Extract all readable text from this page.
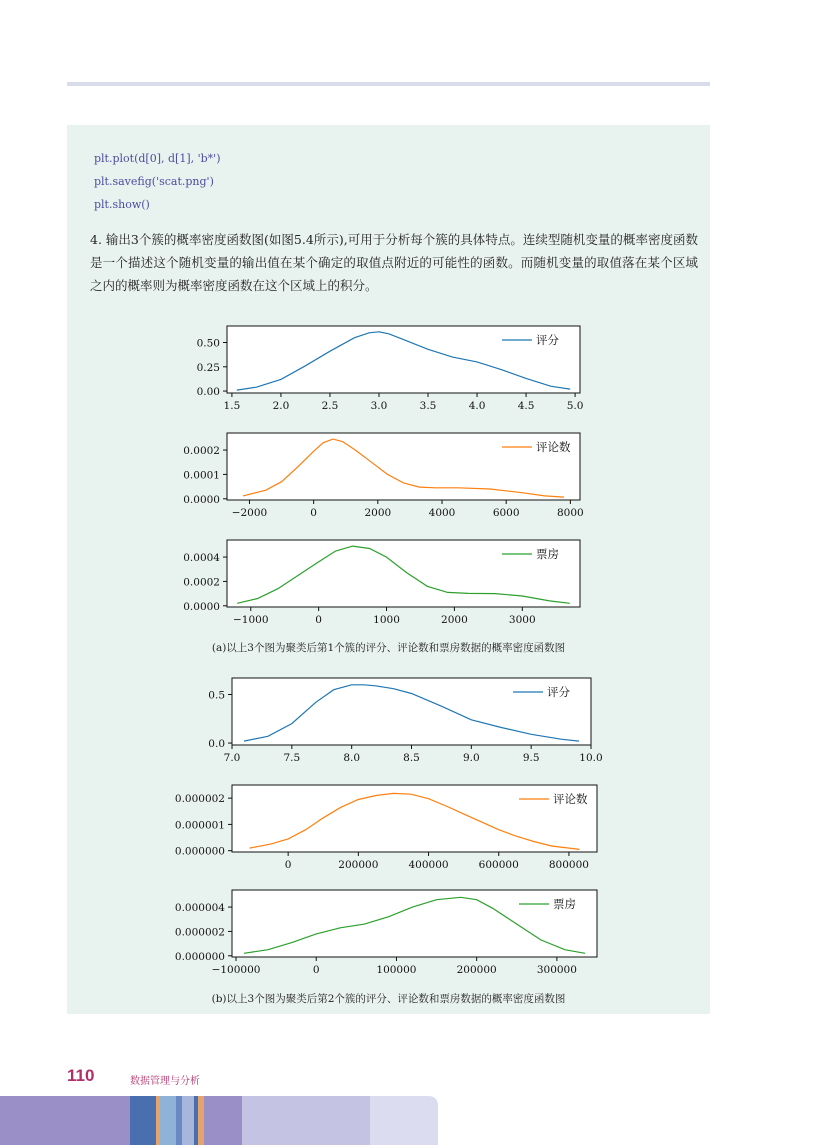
plt.plot(d[0], d[1], 'b*')
plt.savefig('scat.png')
plt.show()
4. 输出3个簇的概率密度函数图(如图5.4所示),可用于分析每个簇的具体特点。连续型随机变量的概率密度函数是一个描述这个随机变量的输出值在某个确定的取值点附近的可能性的函数。而随机变量的取值落在某个区域之内的概率则为概率密度函数在这个区域上的积分。
1.5	2.0	2.5	3.0	3.5	4.0	4.5	5.0
0.00
0.25
0.50	评分
−2000	0	2000	4000	6000	8000
0.0000
0.0001
0.0002	评论数
−1000	0	1000	2000	3000
0.0000
0.0002
0.0004	票房
(a)以上3个图为聚类后第1个簇的评分、评论数和票房数据的概率密度函数图
7.0	7.5	8.0	8.5	9.0	9.5	10.0
0.0
0.5	评分
0	200000	400000	600000	800000
0.000000
0.000001
0.000002	评论数
−100000	0	100000	200000	300000
0.000000
0.000002
0.000004	票房
(b)以上3个图为聚类后第2个簇的评分、评论数和票房数据的概率密度函数图
110	数据管理与分析
